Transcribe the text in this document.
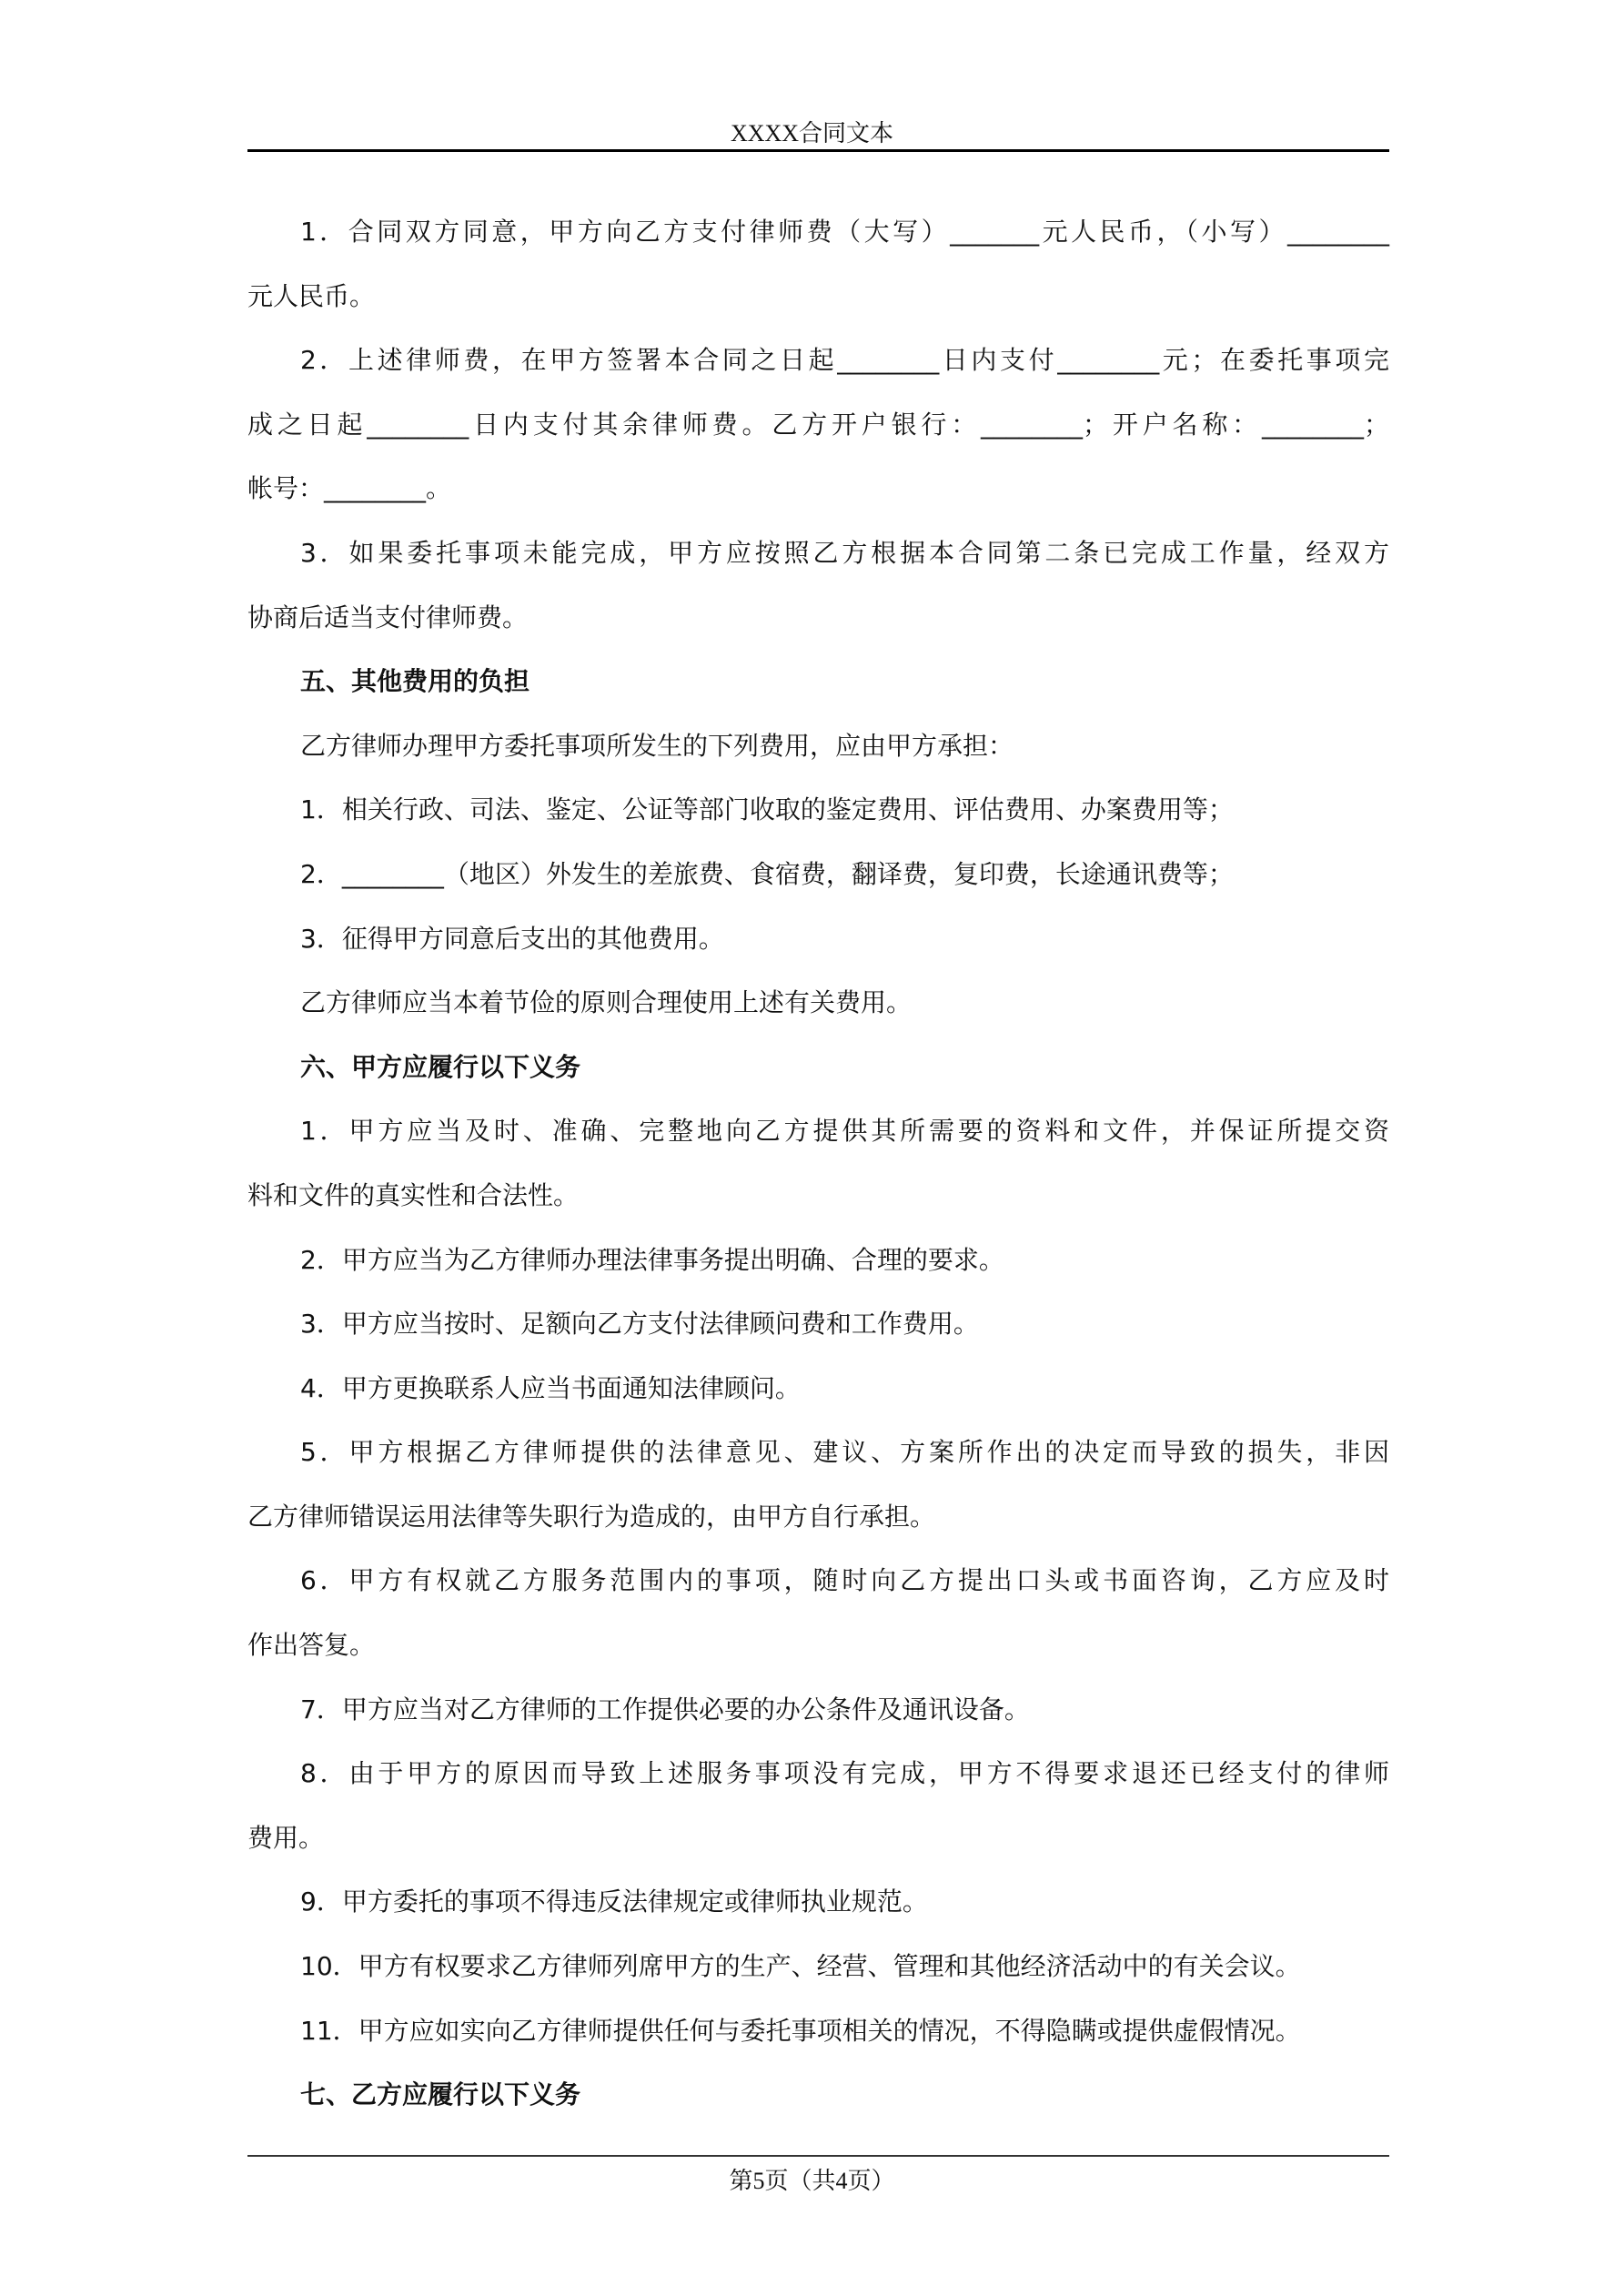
XXXX合同文本
1．合同双方同意，甲方向乙方支付律师费（大写）_______元人民币，（小写）________
元人民币。
2．上述律师费，在甲方签署本合同之日起________日内支付________元；在委托事项完
成之日起________日内支付其余律师费。乙方开户银行：________；开户名称：________；
帐号：________。
3．如果委托事项未能完成，甲方应按照乙方根据本合同第二条已完成工作量，经双方
协商后适当支付律师费。
五、其他费用的负担
乙方律师办理甲方委托事项所发生的下列费用，应由甲方承担：
1．相关行政、司法、鉴定、公证等部门收取的鉴定费用、评估费用、办案费用等；
2．________（地区）外发生的差旅费、食宿费，翻译费，复印费，长途通讯费等；
3．征得甲方同意后支出的其他费用。
乙方律师应当本着节俭的原则合理使用上述有关费用。
六、甲方应履行以下义务
1．甲方应当及时、准确、完整地向乙方提供其所需要的资料和文件，并保证所提交资
料和文件的真实性和合法性。
2．甲方应当为乙方律师办理法律事务提出明确、合理的要求。
3．甲方应当按时、足额向乙方支付法律顾问费和工作费用。
4．甲方更换联系人应当书面通知法律顾问。
5．甲方根据乙方律师提供的法律意见、建议、方案所作出的决定而导致的损失，非因
乙方律师错误运用法律等失职行为造成的，由甲方自行承担。
6．甲方有权就乙方服务范围内的事项，随时向乙方提出口头或书面咨询，乙方应及时
作出答复。
7．甲方应当对乙方律师的工作提供必要的办公条件及通讯设备。
8．由于甲方的原因而导致上述服务事项没有完成，甲方不得要求退还已经支付的律师
费用。
9．甲方委托的事项不得违反法律规定或律师执业规范。
10．甲方有权要求乙方律师列席甲方的生产、经营、管理和其他经济活动中的有关会议。
11．甲方应如实向乙方律师提供任何与委托事项相关的情况，不得隐瞒或提供虚假情况。
七、乙方应履行以下义务
第5页（共4页）
